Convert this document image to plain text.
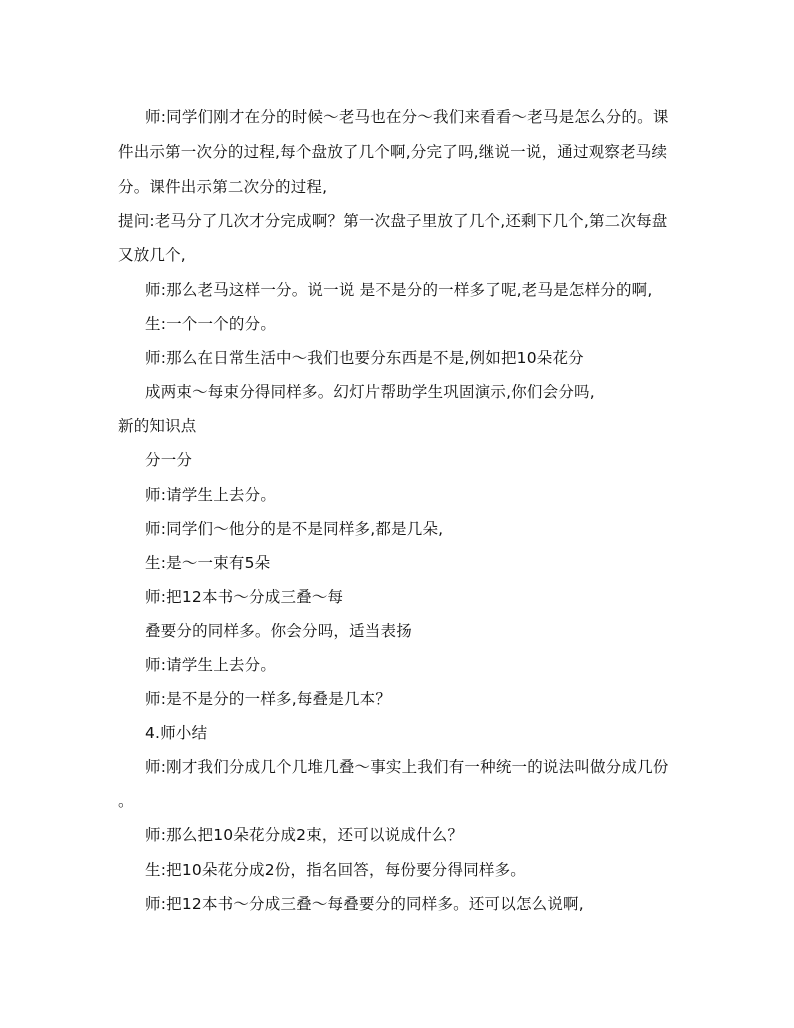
师:同学们刚才在分的时候～老马也在分～我们来看看～老马是怎么分的。课
件出示第一次分的过程,每个盘放了几个啊,分完了吗,继说一说，通过观察老马续
分。课件出示第二次分的过程,
提问:老马分了几次才分完成啊？第一次盘子里放了几个,还剩下几个,第二次每盘
又放几个,
师:那么老马这样一分。说一说 是不是分的一样多了呢,老马是怎样分的啊,
生:一个一个的分。
师:那么在日常生活中～我们也要分东西是不是,例如把10朵花分
成两束～每束分得同样多。幻灯片帮助学生巩固演示,你们会分吗,
新的知识点
分一分
师:请学生上去分。
师:同学们～他分的是不是同样多,都是几朵,
生:是～一束有5朵
师:把12本书～分成三叠～每
叠要分的同样多。你会分吗，适当表扬
师:请学生上去分。
师:是不是分的一样多,每叠是几本？
4.师小结
师:刚才我们分成几个几堆几叠～事实上我们有一种统一的说法叫做分成几份
。
师:那么把10朵花分成2束，还可以说成什么？
生:把10朵花分成2份，指名回答，每份要分得同样多。
师:把12本书～分成三叠～每叠要分的同样多。还可以怎么说啊,
